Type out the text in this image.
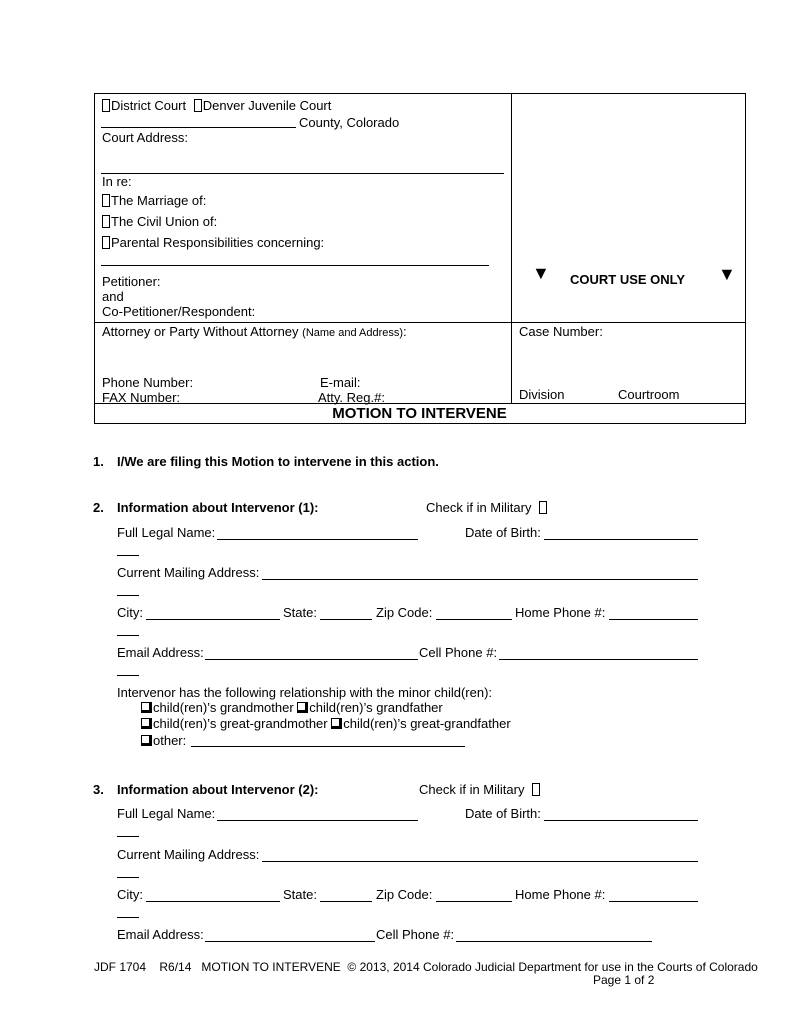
District Court Denver Juvenile Court
County, Colorado
Court Address:
In re:
The Marriage of:
The Civil Union of:
Parental Responsibilities concerning:
Petitioner:
and
Co-Petitioner/Respondent:
▼ COURT USE ONLY ▼
Attorney or Party Without Attorney (Name and Address):
Phone Number:	E-mail:
FAX Number:	Atty. Reg.#:
Case Number:
Division	Courtroom
MOTION TO INTERVENE
1. I/We are filing this Motion to intervene in this action.
2. Information about Intervenor (1):	Check if in Military
Full Legal Name:	Date of Birth:
Current Mailing Address:
City:	State:	Zip Code:	Home Phone #:
Email Address:	Cell Phone #:
Intervenor has the following relationship with the minor child(ren):
child(ren)’s grandmother child(ren)’s grandfather
child(ren)’s great-grandmother child(ren)’s great-grandfather
other:
3. Information about Intervenor (2):	Check if in Military
Full Legal Name:	Date of Birth:
Current Mailing Address:
City:	State:	Zip Code:	Home Phone #:
Email Address:	Cell Phone #:
JDF 1704    R6/14   MOTION TO INTERVENE  © 2013, 2014 Colorado Judicial Department for use in the Courts of Colorado
Page 1 of 2
